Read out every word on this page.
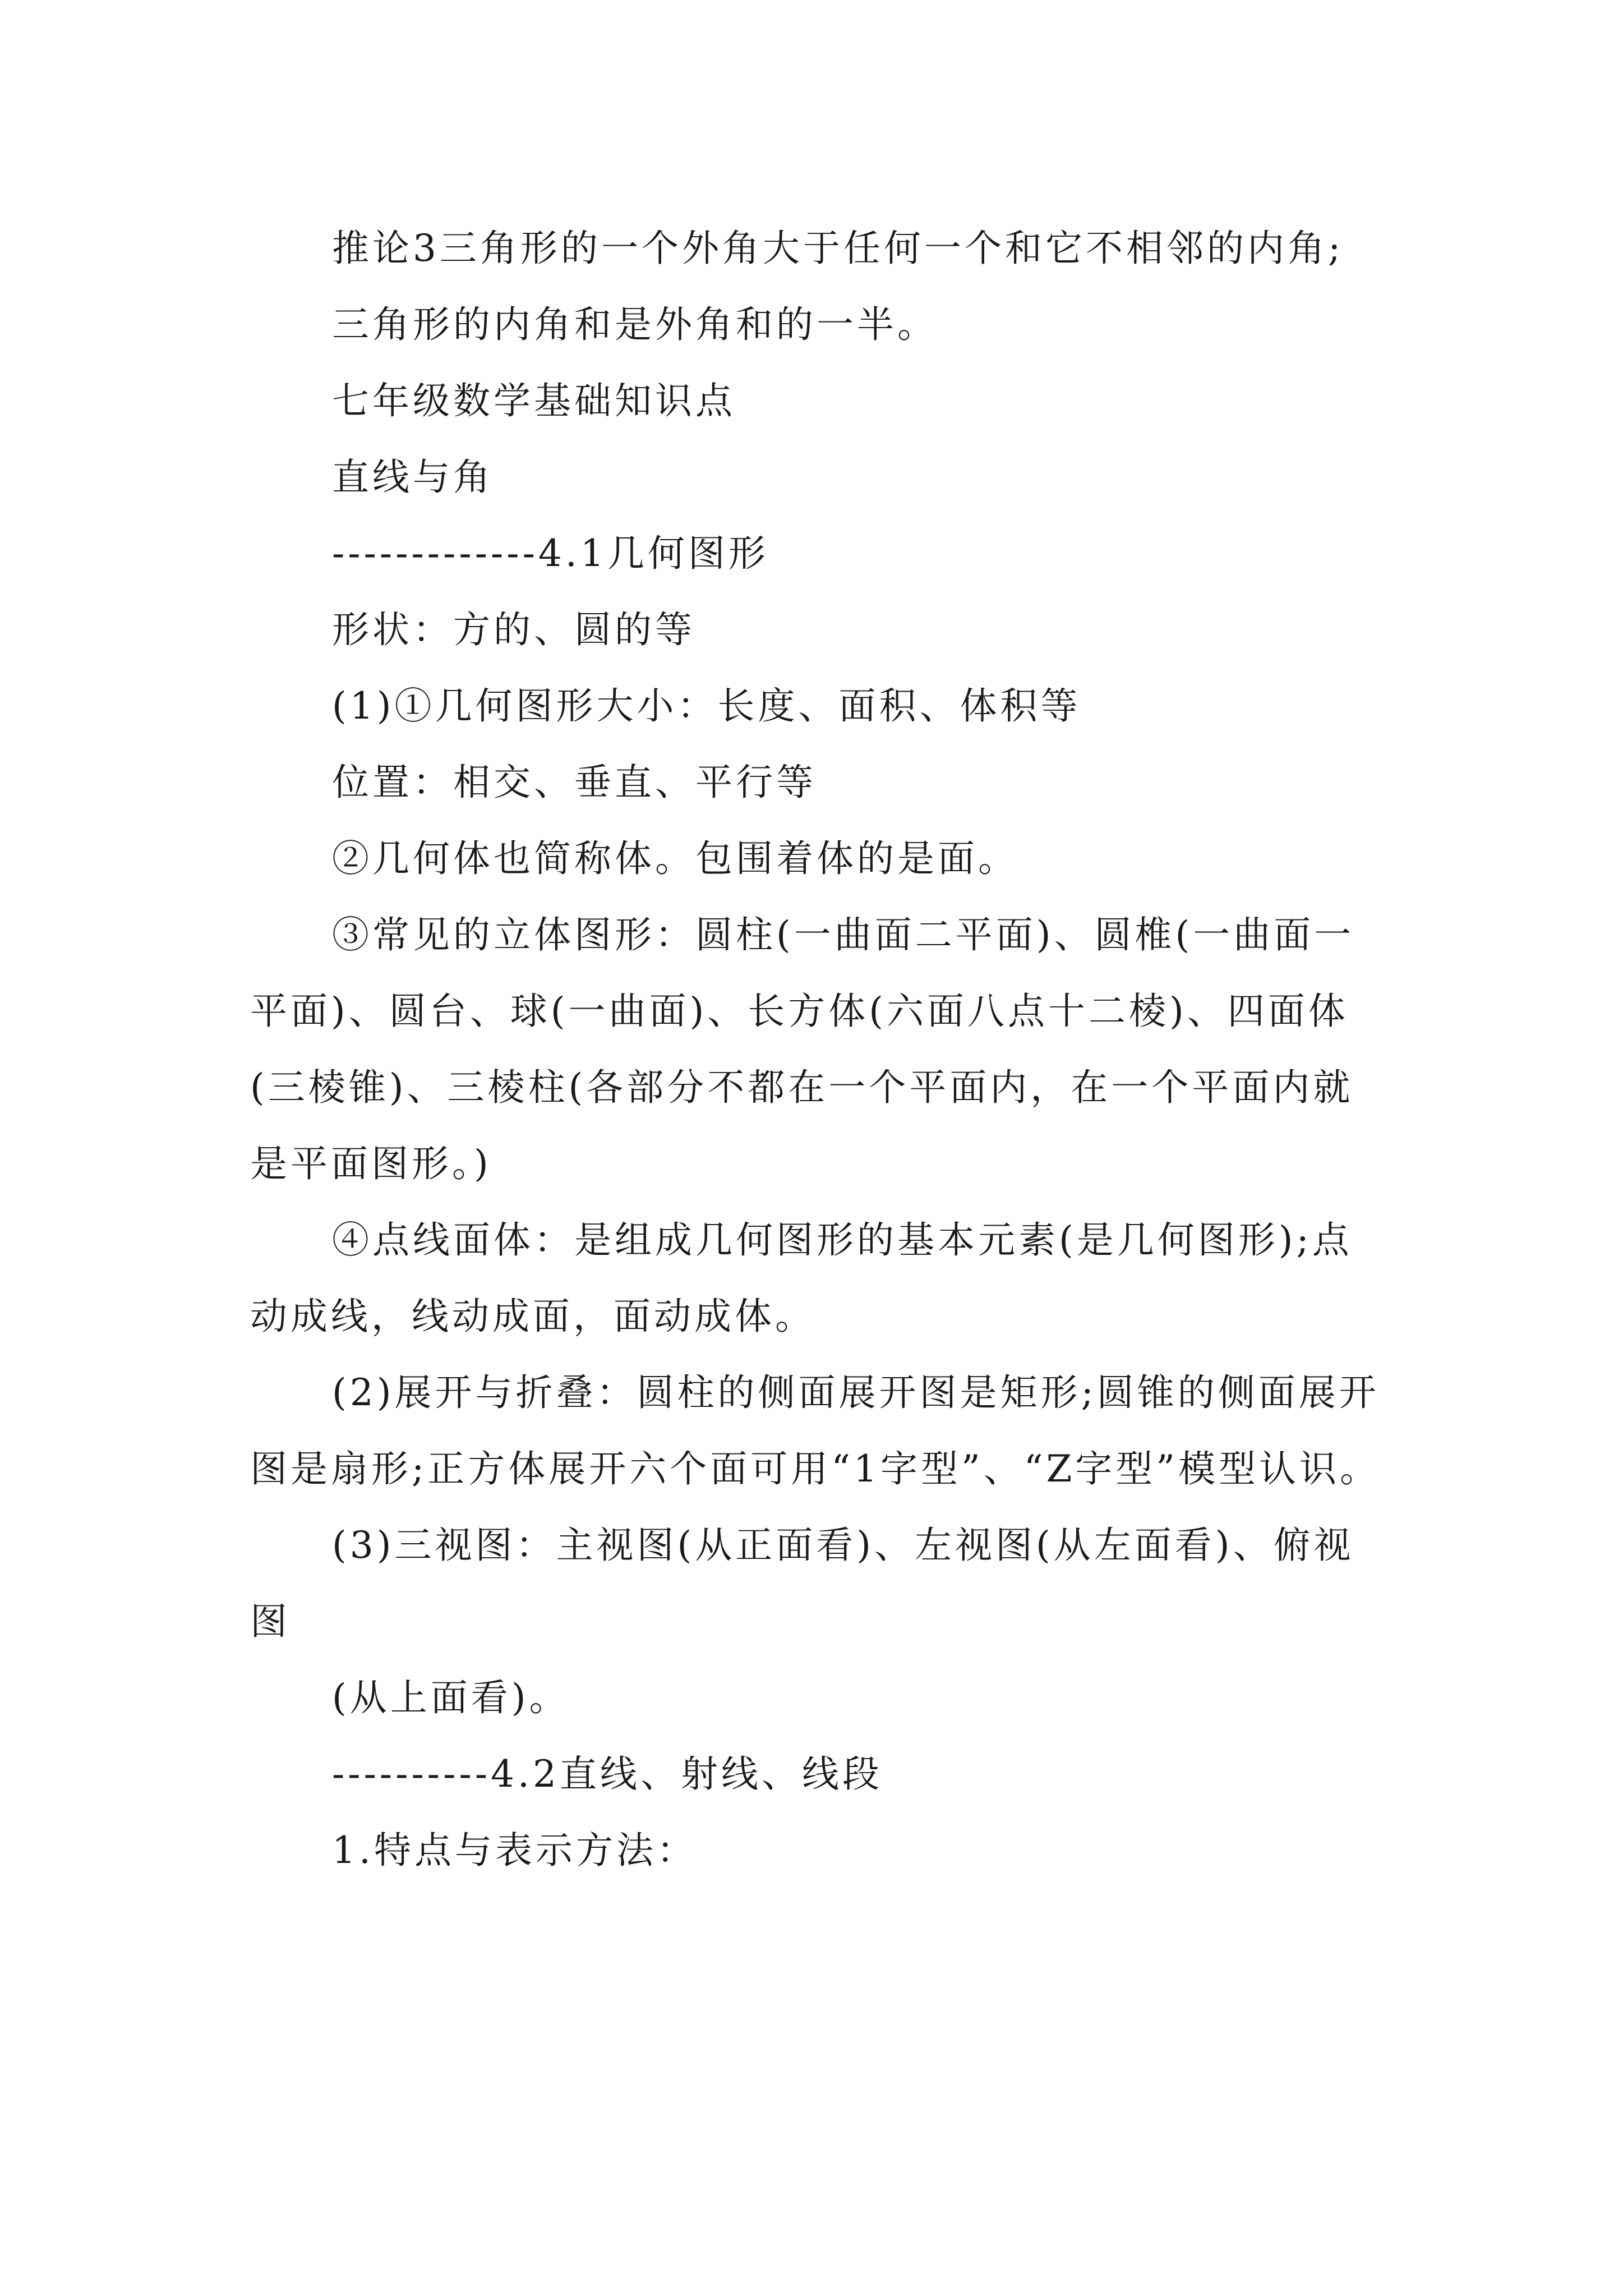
推论3三角形的一个外角大于任何一个和它不相邻的内角;

三角形的内角和是外角和的一半。

七年级数学基础知识点

直线与角

-------------4.1几何图形

形状：方的、圆的等

(1)①几何图形大小：长度、面积、体积等

位置：相交、垂直、平行等

②几何体也简称体。包围着体的是面。

③常见的立体图形：圆柱(一曲面二平面)、圆椎(一曲面一平面)、圆台、球(一曲面)、长方体(六面八点十二棱)、四面体(三棱锥)、三棱柱(各部分不都在一个平面内，在一个平面内就是平面图形。)

④点线面体：是组成几何图形的基本元素(是几何图形);点动成线，线动成面，面动成体。

(2)展开与折叠：圆柱的侧面展开图是矩形;圆锥的侧面展开图是扇形;正方体展开六个面可用“1字型”、“Z字型”模型认识。

(3)三视图：主视图(从正面看)、左视图(从左面看)、俯视图

(从上面看)。

----------4.2直线、射线、线段

1.特点与表示方法：
